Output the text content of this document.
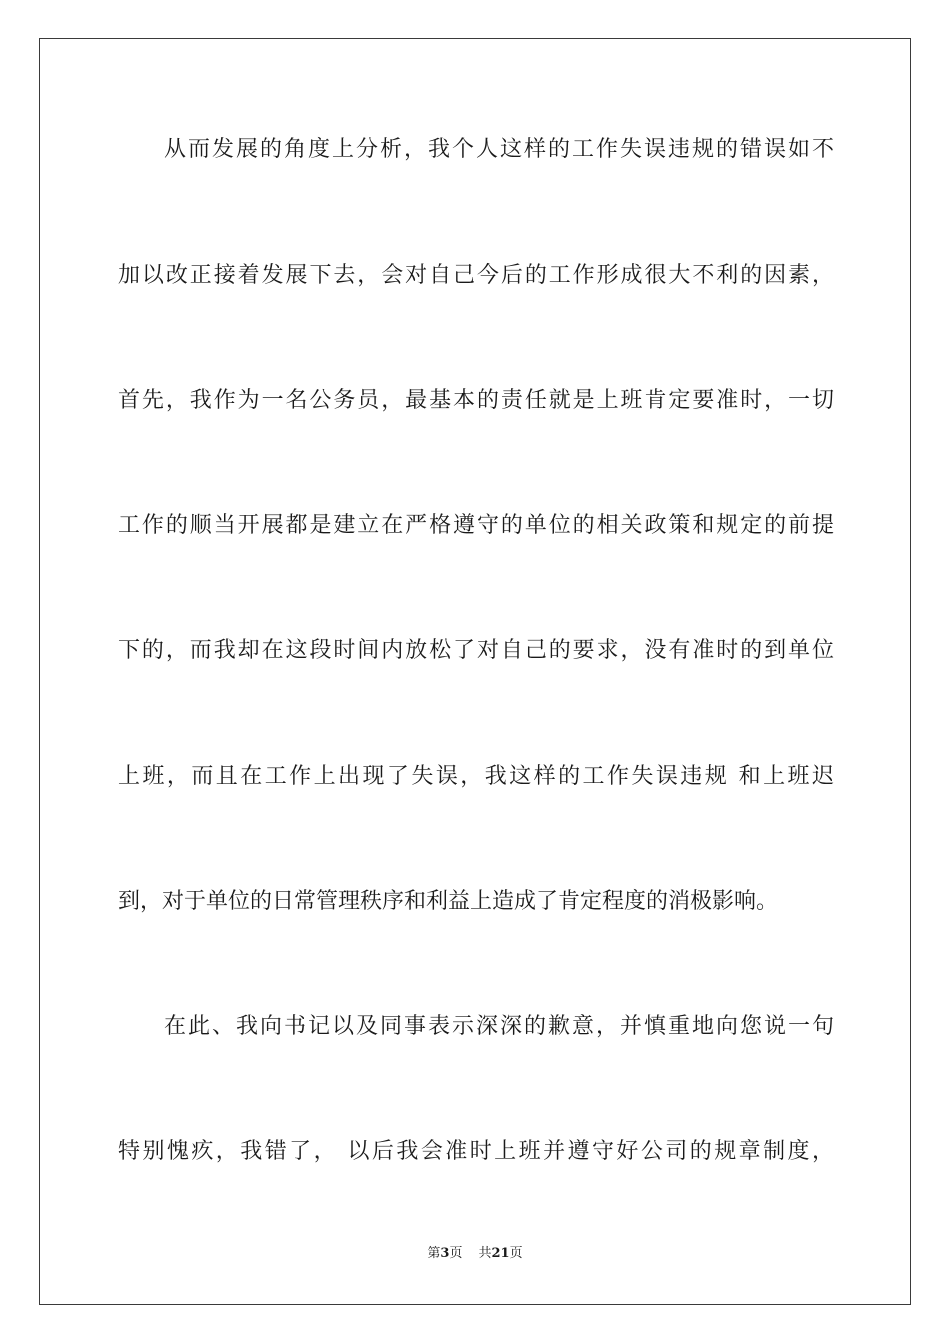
从而发展的角度上分析，我个人这样的工作失误违规的错误如不
加以改正接着发展下去，会对自己今后的工作形成很大不利的因素，
首先，我作为一名公务员，最基本的责任就是上班肯定要准时，一切
工作的顺当开展都是建立在严格遵守的单位的相关政策和规定的前提
下的，而我却在这段时间内放松了对自己的要求，没有准时的到单位
上班，而且在工作上出现了失误，我这样的工作失误违规 和上班迟
到，对于单位的日常管理秩序和利益上造成了肯定程度的消极影响。
在此、我向书记以及同事表示深深的歉意，并慎重地向您说一句
特别愧疚，我错了， 以后我会准时上班并遵守好公司的规章制度，
第3页 共21页
